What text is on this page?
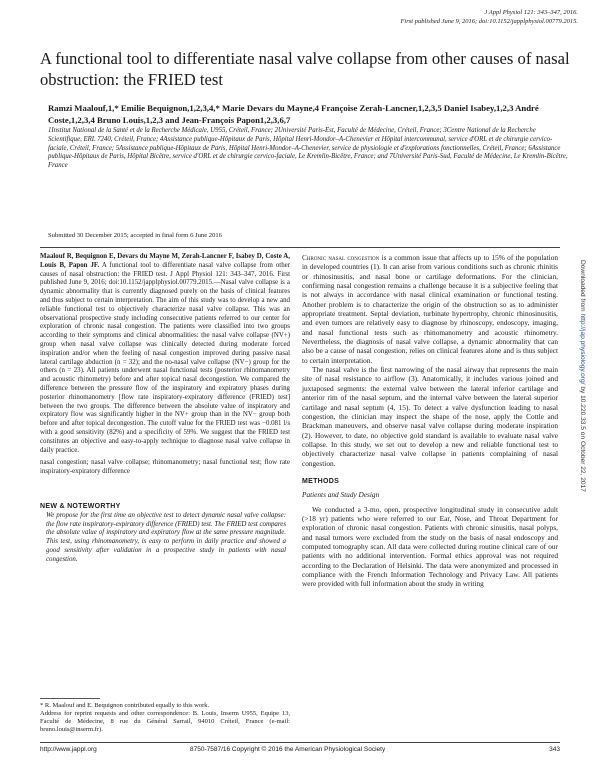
J Appl Physiol 121: 343–347, 2016.
First published June 9, 2016; doi:10.1152/japplphysiol.00779.2015.
A functional tool to differentiate nasal valve collapse from other causes of nasal obstruction: the FRIED test
Ramzi Maalouf,1,* Emilie Bequignon,1,2,3,4,* Marie Devars du Mayne,4 Françoise Zerah-Lancner,1,2,3,5 Daniel Isabey,1,2,3 André Coste,1,2,3,4 Bruno Louis,1,2,3 and Jean-François Papon1,2,3,6,7
1Institut National de la Santé et de la Recherche Médicale, U955, Créteil, France; 2Université Paris-Est, Faculté de Médecine, Créteil, France; 3Centre National de la Recherche Scientifique, ERL 7240, Créteil, France; 4Assistance publique-Hôpitaux de Paris, Hôpital Henri-Mondor–A-Chenevier et Hôpital intercommunal, service d'ORL et de chirurgie cervico-faciale, Créteil, France; 5Assistance publique-Hôpitaux de Paris, Hôpital Henri-Mondor–A-Chenevier, service de physiologie et d'explorations fonctionnelles, Créteil, France; 6Assistance publique-Hôpitaux de Paris, Hôpital Bicêtre, service d'ORL et de chirurgie cervico-faciale, Le Kremlin-Bicêtre, France; and 7Université Paris-Sud, Faculté de Médecine, Le Kremlin-Bicêtre, France
Submitted 30 December 2015; accepted in final form 6 June 2016

Maalouf R, Bequignon E, Devars du Mayne M, Zerah-Lancner F, Isabey D, Coste A, Louis B, Papon JF. A functional tool to differentiate nasal valve collapse from other causes of nasal obstruction: the FRIED test. J Appl Physiol 121: 343–347, 2016. First published June 9, 2016; doi:10.1152/japplphysiol.00779.2015.—Nasal valve collapse is a dynamic abnormality that is currently diagnosed purely on the basis of clinical features and thus subject to certain interpretation. The aim of this study was to develop a new and reliable functional test to objectively characterize nasal valve collapse. This was an observational prospective study including consecutive patients referred to our center for exploration of chronic nasal congestion. The patients were classified into two groups according to their symptoms and clinical abnormalities: the nasal valve collapse (NV+) group when nasal valve collapse was clinically detected during moderate forced inspiration and/or when the feeling of nasal congestion improved during passive nasal lateral cartilage abduction (n = 32); and the no-nasal valve collapse (NV−) group for the others (n = 23). All patients underwent nasal functional tests (posterior rhinomanometry and acoustic rhinometry) before and after topical nasal decongestion. We compared the difference between the pressure flow of the inspiratory and expiratory phases during posterior rhinomanometry [flow rate inspiratory-expiratory difference (FRIED) test] between the two groups. The difference between the absolute value of inspiratory and expiratory flow was significantly higher in the NV+ group than in the NV− group both before and after topical decongestion. The cutoff value for the FRIED test was −0.081 l/s with a good sensitivity (82%) and a specificity of 59%. We suggest that the FRIED test constitutes an objective and easy-to-apply technique to diagnose nasal valve collapse in daily practice.

nasal congestion; nasal valve collapse; rhinomanometry; nasal functional test; flow rate inspiratory-expiratory difference

NEW & NOTEWORTHY

We propose for the first time an objective test to detect dynamic nasal valve collapse: the flow rate inspiratory-expiratory difference (FRIED) test. The FRIED test compares the absolute value of inspiratory and expiratory flow at the same pressure magnitude. This test, using rhinomanometry, is easy to perform in daily practice and showed a good sensitivity after validation in a prospective study in patients with nasal congestion.

* R. Maalouf and E. Bequignon contributed equally to this work.

Address for reprint requests and other correspondence: B. Louis, Inserm U955, Equipe 13, Faculté de Médecine, 8 rue du Général Sarrail, 94010 Créteil, France (e-mail: bruno.louis@inserm.fr).

Chronic nasal congestion is a common issue that affects up to 15% of the population in developed countries (1). It can arise from various conditions such as chronic rhinitis or rhinosinusitis, and nasal bone or cartilage deformations. For the clinician, confirming nasal congestion remains a challenge because it is a subjective feeling that is not always in accordance with nasal clinical examination or functional testing. Another problem is to characterize the origin of the obstruction so as to administer appropriate treatment. Septal deviation, turbinate hypertrophy, chronic rhinosinusitis, and even tumors are relatively easy to diagnose by rhinoscopy, endoscopy, imaging, and nasal functional tests such as rhinomanometry and acoustic rhinometry. Nevertheless, the diagnosis of nasal valve collapse, a dynamic abnormality that can also be a cause of nasal congestion, relies on clinical features alone and is thus subject to certain interpretation.

The nasal valve is the first narrowing of the nasal airway that represents the main site of nasal resistance to airflow (3). Anatomically, it includes various joined and juxtaposed segments: the external valve between the lateral inferior cartilage and anterior rim of the nasal septum, and the internal valve between the lateral superior cartilage and nasal septum (4, 15). To detect a valve dysfunction leading to nasal congestion, the clinician may inspect the shape of the nose, apply the Cottle and Brackman maneuvers, and observe nasal valve collapse during moderate inspiration (2). However, to date, no objective gold standard is available to evaluate nasal valve collapse. In this study, we set out to develop a new and reliable functional test to objectively characterize nasal valve collapse in patients complaining of nasal congestion.

METHODS
Patients and Study Design

We conducted a 3-mo, open, prospective longitudinal study in consecutive adult (>18 yr) patients who were referred to our Ear, Nose, and Throat Department for exploration of chronic nasal congestion. Patients with chronic sinusitis, nasal polyps, and nasal tumors were excluded from the study on the basis of nasal endoscopy and computed tomography scan. All data were collected during routine clinical care of our patients with no additional intervention. Formal ethics approval was not required according to the Declaration of Helsinki. The data were anonymized and processed in compliance with the French Information Technology and Privacy Law. All patients were provided with full information about the study in writing

http://www.jappl.org	8750-7587/16 Copyright © 2016 the American Physiological Society	343
Downloaded from http://jap.physiology.org/ by 10.220.33.5 on October 22, 2017
